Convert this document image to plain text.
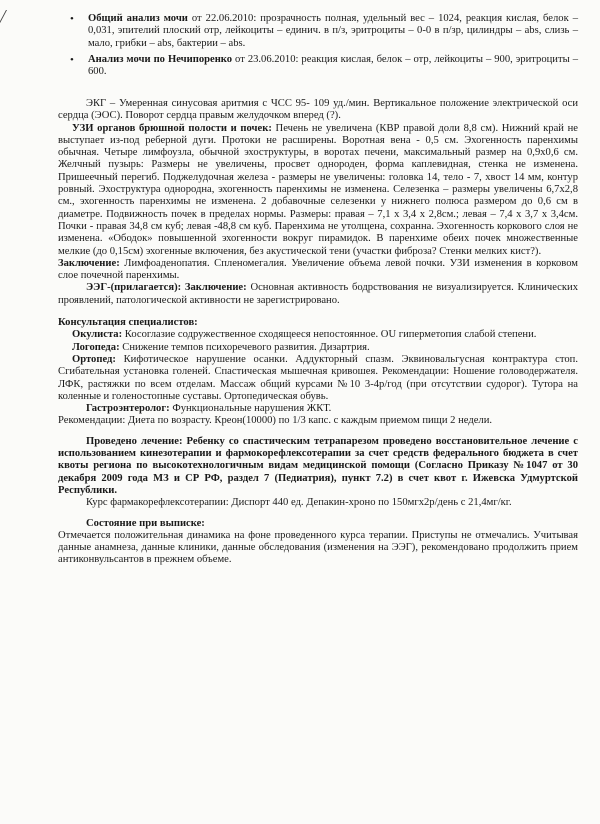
• Общий анализ мочи от 22.06.2010: прозрачность полная, удельный вес – 1024, реакция кислая, белок – 0,031, эпителий плоский отр, лейкоциты – единич. в п/з, эритроциты – 0-0 в п/зр, цилиндры – abs, слизь – мало, грибки – abs, бактерии – abs.
• Анализ мочи по Нечипоренко от 23.06.2010: реакция кислая, белок – отр, лейкоциты – 900, эритроциты – 600.

ЭКГ – Умеренная синусовая аритмия с ЧСС 95- 109 уд./мин. Вертикальное положение электрической оси сердца (ЭОС). Поворот сердца правым желудочком вперед (?).

УЗИ органов брюшной полости и почек: Печень не увеличена (КВР правой доли 8,8 см). Нижний край не выступает из-под реберной дуги. Протоки не расширены. Воротная вена - 0,5 см. Эхогенность паренхимы обычная. Четыре лимфоузла, обычной эхоструктуры, в воротах печени, максимальный размер на 0,9х0,6 см. Желчный пузырь: Размеры не увеличены, просвет однороден, форма каплевидная, стенка не изменена. Пришеечный перегиб. Поджелудочная железа - размеры не увеличены: головка 14, тело - 7, хвост 14 мм, контур ровный. Эхоструктура однородна, эхогенность паренхимы не изменена. Селезенка – размеры увеличены 6,7х2,8 см., эхогенность паренхимы не изменена. 2 добавочные селезенки у нижнего полюса размером до 0,6 см в диаметре. Подвижность почек в пределах нормы. Размеры: правая – 7,1 х 3,4 х 2,8см.; левая – 7,4 х 3,7 х 3,4см. Почки - правая 34,8 см куб; левая -48,8 см куб. Паренхима не утолщена, сохранна. Эхогенность коркового слоя не изменена. «Ободок» повышенной эхогенности вокруг пирамидок. В паренхиме обеих почек множественные мелкие (до 0,15см) эхогенные включения, без акустической тени (участки фиброза? Стенки мелких кист?).

Заключение: Лимфоаденопатия. Спленомегалия. Увеличение объема левой почки. УЗИ изменения в корковом слое почечной паренхимы.

ЭЭГ-(прилагается): Заключение: Основная активность бодрствования не визуализируется. Клинических проявлений, патологической активности не зарегистрировано.

Консультация специалистов:

Окулиста: Косоглазие содружественное сходящееся непостоянное. OU гиперметопия слабой степени.

Логопеда: Снижение темпов психоречевого развития. Дизартрия.

Ортопед: Кифотическое нарушение осанки. Аддукторный спазм. Эквиновальгусная контрактура стоп. Сгибательная установка голеней. Спастическая мышечная кривошея. Рекомендации: Ношение головодержателя. ЛФК, растяжки по всем отделам. Массаж общий курсами №10 3-4р/год (при отсутствии судорог). Тутора на коленные и голеностопные суставы. Ортопедическая обувь.

Гастроэнтеролог: Функциональные нарушения ЖКТ.

Рекомендации: Диета по возрасту. Креон(10000) по 1/3 капс. с каждым приемом пищи 2 недели.

Проведено лечение: Ребенку со спастическим тетрапарезом проведено восстановительное лечение с использованием кинезотерапии и фармокорефлексотерапии за счет средств федерального бюджета в счет квоты региона по высокотехнологичным видам медицинской помощи (Согласно Приказу №1047 от 30 декабря 2009 года МЗ и СР РФ, раздел 7 (Педиатрия), пункт 7.2) в счет квот г. Ижевска Удмуртской Республики.

Курс фармакорефлексотерапии: Диспорт 440 ед. Депакин-хроно по 150мгх2р/день с 21,4мг/кг.

Состояние при выписке:

Отмечается положительная динамика на фоне проведенного курса терапии. Приступы не отмечались. Учитывая данные анамнеза, данные клиники, данные обследования (изменения на ЭЭГ), рекомендовано продолжить прием антиконвульсантов в прежнем объеме.
